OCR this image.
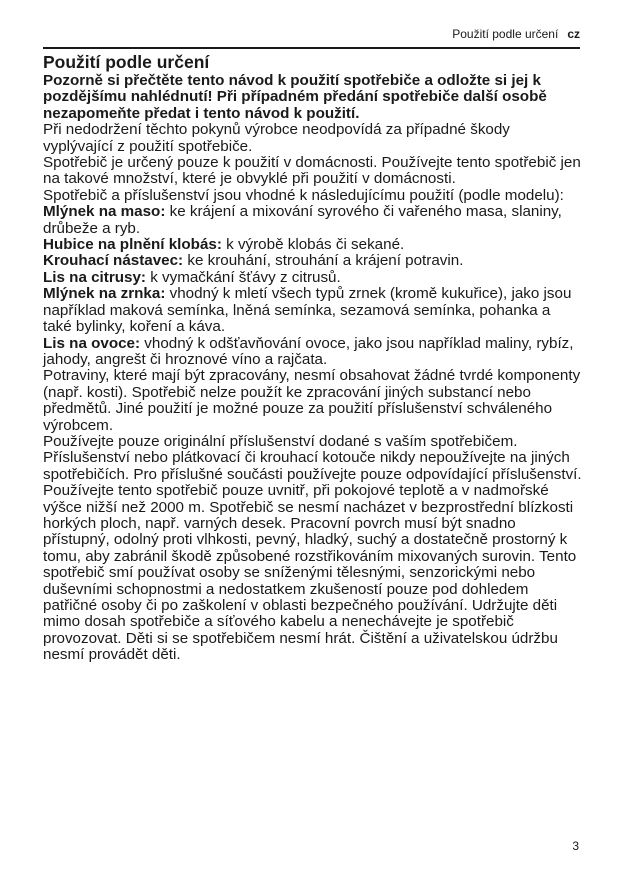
Použití podle určení cz
Použití podle určení

Pozorně si přečtěte tento návod k použití spotřebiče a odložte si jej k pozdějšímu nahlédnutí! Při případném předání spotřebiče další osobě nezapomeňte předat i tento návod k použití.

Při nedodržení těchto pokynů výrobce neodpovídá za případné škody vyplývající z použití spotřebiče.

Spotřebič je určený pouze k použití v domácnosti. Používejte tento spotřebič jen na takové množství, které je obvyklé při použití v domácnosti.

Spotřebič a příslušenství jsou vhodné k následujícímu použití (podle modelu):

Mlýnek na maso: ke krájení a mixování syrového či vařeného masa, slaniny, drůbeže a ryb.

Hubice na plnění klobás: k výrobě klobás či sekané.

Krouhací nástavec: ke krouhání, strouhání a krájení potravin.

Lis na citrusy: k vymačkání šťávy z citrusů.

Mlýnek na zrnka: vhodný k mletí všech typů zrnek (kromě kukuřice), jako jsou například maková semínka, lněná semínka, sezamová semínka, pohanka a také bylinky, koření a káva.

Lis na ovoce: vhodný k odšťavňování ovoce, jako jsou například maliny, rybíz, jahody, angrešt či hroznové víno a rajčata.

Potraviny, které mají být zpracovány, nesmí obsahovat žádné tvrdé komponenty (např. kosti). Spotřebič nelze použít ke zpracování jiných substancí nebo předmětů. Jiné použití je možné pouze za použití příslušenství schváleného výrobcem.

Používejte pouze originální příslušenství dodané s vaším spotřebičem. Příslušenství nebo plátkovací či krouhací kotouče nikdy nepoužívejte na jiných spotřebičích. Pro příslušné součásti používejte pouze odpovídající příslušenství.

Používejte tento spotřebič pouze uvnitř, při pokojové teplotě a v nadmořské výšce nižší než 2000 m. Spotřebič se nesmí nacházet v bezprostřední blízkosti horkých ploch, např. varných desek. Pracovní povrch musí být snadno přístupný, odolný proti vlhkosti, pevný, hladký, suchý a dostatečně prostorný k tomu, aby zabránil škodě způsobené rozstřikováním mixovaných surovin. Tento spotřebič smí používat osoby se sníženými tělesnými, senzorickými nebo duševními schopnostmi a nedostatkem zkušeností pouze pod dohledem patřičné osoby či po zaškolení v oblasti bezpečného používání. Udržujte děti mimo dosah spotřebiče a síťového kabelu a nenechávejte je spotřebič provozovat. Děti si se spotřebičem nesmí hrát. Čištění a uživatelskou údržbu nesmí provádět děti.

3
